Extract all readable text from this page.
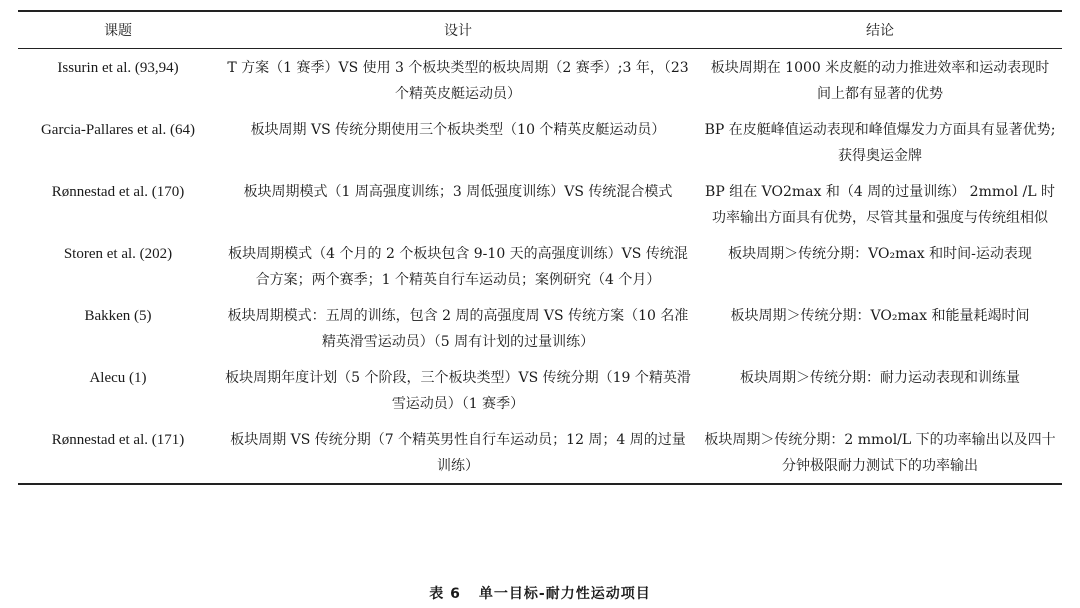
课题	设计	结论
Issurin et al. (93,94)	T 方案（1 赛季）VS 使用 3 个板块类型的板块周期（2 赛季）;3 年，（23 个精英皮艇运动员）	板块周期在 1000 米皮艇的动力推进效率和运动表现时间上都有显著的优势
Garcia-Pallares et al. (64)	板块周期 VS 传统分期使用三个板块类型（10 个精英皮艇运动员）	BP 在皮艇峰值运动表现和峰值爆发力方面具有显著优势;获得奥运金牌
Rønnestad et al. (170)	板块周期模式（1 周高强度训练；3 周低强度训练）VS 传统混合模式	BP 组在 VO2max 和（4 周的过量训练） 2mmol /L 时功率输出方面具有优势，尽管其量和强度与传统组相似
Storen et al. (202)	板块周期模式（4 个月的 2 个板块包含 9-10 天的高强度训练）VS 传统混合方案；两个赛季；1 个精英自行车运动员；案例研究（4 个月）	板块周期＞传统分期：VO₂max 和时间-运动表现
Bakken (5)	板块周期模式：五周的训练，包含 2 周的高强度周 VS 传统方案（10 名准精英滑雪运动员）（5 周有计划的过量训练）	板块周期＞传统分期：VO₂max 和能量耗竭时间
Alecu (1)	板块周期年度计划（5 个阶段，三个板块类型）VS 传统分期（19 个精英滑雪运动员）（1 赛季）	板块周期＞传统分期：耐力运动表现和训练量
Rønnestad et al. (171)	板块周期 VS 传统分期（7 个精英男性自行车运动员；12 周；4 周的过量训练）	板块周期＞传统分期：2 mmol/L 下的功率输出以及四十分钟极限耐力测试下的功率输出
表 6 单一目标-耐力性运动项目
